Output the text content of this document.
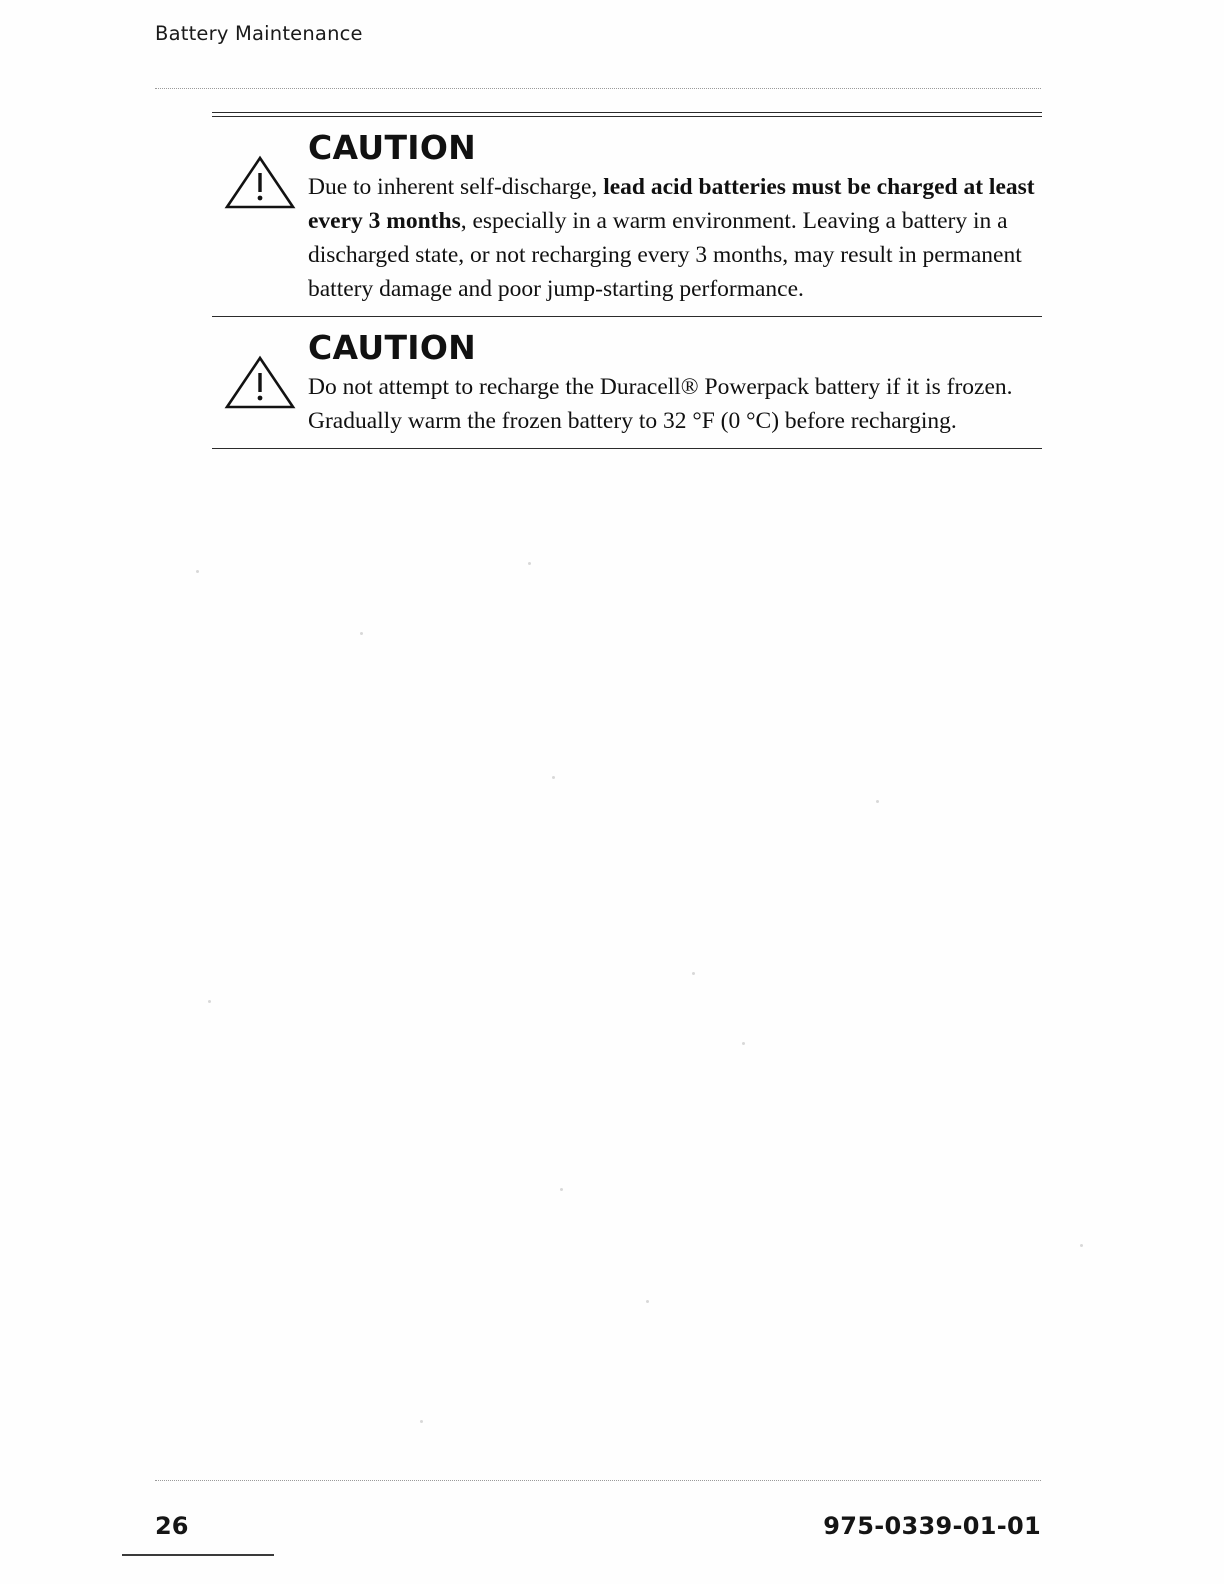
Battery Maintenance
CAUTION

Due to inherent self-discharge, lead acid batteries must be charged at least every 3 months, especially in a warm environment. Leaving a battery in a discharged state, or not recharging every 3 months, may result in permanent battery damage and poor jump-starting performance.

CAUTION

Do not attempt to recharge the Duracell® Powerpack battery if it is frozen. Gradually warm the frozen battery to 32 °F (0 °C) before recharging.

26	975-0339-01-01
